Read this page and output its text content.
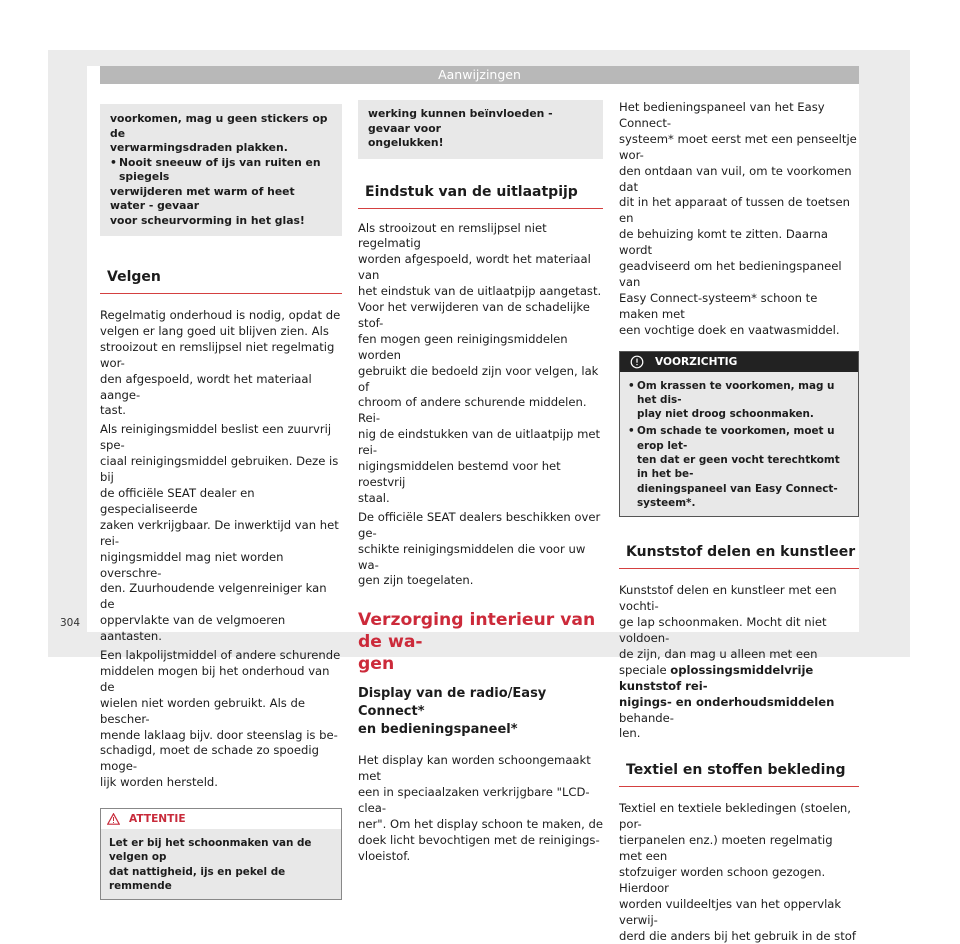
Aanwijzingen
voorkomen, mag u geen stickers op de
verwarmingsdraden plakken.
• Nooit sneeuw of ijs van ruiten en spiegels
verwijderen met warm of heet water - gevaar
voor scheurvorming in het glas!
Velgen

Regelmatig onderhoud is nodig, opdat de

velgen er lang goed uit blijven zien. Als

strooizout en remslijpsel niet regelmatig wor-

den afgespoeld, wordt het materiaal aange-

tast.

Als reinigingsmiddel beslist een zuurvrij spe-

ciaal reinigingsmiddel gebruiken. Deze is bij

de officiële SEAT dealer en gespecialiseerde

zaken verkrijgbaar. De inwerktijd van het rei-

nigingsmiddel mag niet worden overschre-

den. Zuurhoudende velgenreiniger kan de

oppervlakte van de velgmoeren aantasten.

Een lakpolijstmiddel of andere schurende

middelen mogen bij het onderhoud van de

wielen niet worden gebruikt. Als de bescher-

mende laklaag bijv. door steenslag is be-

schadigd, moet de schade zo spoedig moge-

lijk worden hersteld.

ATTENTIE
Let er bij het schoonmaken van de velgen op
dat nattigheid, ijs en pekel de remmende
werking kunnen beïnvloeden - gevaar voor
ongelukken!
Eindstuk van de uitlaatpijp

Als strooizout en remslijpsel niet regelmatig

worden afgespoeld, wordt het materiaal van

het eindstuk van de uitlaatpijp aangetast.

Voor het verwijderen van de schadelijke stof-

fen mogen geen reinigingsmiddelen worden

gebruikt die bedoeld zijn voor velgen, lak of

chroom of andere schurende middelen. Rei-

nig de eindstukken van de uitlaatpijp met rei-

nigingsmiddelen bestemd voor het roestvrij

staal.

De officiële SEAT dealers beschikken over ge-

schikte reinigingsmiddelen die voor uw wa-

gen zijn toegelaten.

Verzorging interieur van de wa-
gen
Display van de radio/Easy Connect*
en bedieningspaneel*

Het display kan worden schoongemaakt met

een in speciaalzaken verkrijgbare "LCD-clea-

ner". Om het display schoon te maken, de

doek licht bevochtigen met de reinigings-

vloeistof.

Het bedieningspaneel van het Easy Connect-

systeem* moet eerst met een penseeltje wor-

den ontdaan van vuil, om te voorkomen dat

dit in het apparaat of tussen de toetsen en

de behuizing komt te zitten. Daarna wordt

geadviseerd om het bedieningspaneel van

Easy Connect-systeem* schoon te maken met

een vochtige doek en vaatwasmiddel.

VOORZICHTIG
• Om krassen te voorkomen, mag u het dis-
play niet droog schoonmaken.
• Om schade te voorkomen, moet u erop let-
ten dat er geen vocht terechtkomt in het be-
dieningspaneel van Easy Connect-systeem*.
Kunststof delen en kunstleer

Kunststof delen en kunstleer met een vochti-

ge lap schoonmaken. Mocht dit niet voldoen-

de zijn, dan mag u alleen met een

speciale oplossingsmiddelvrije kunststof rei-

nigings- en onderhoudsmiddelen behande-

len.

Textiel en stoffen bekleding

Textiel en textiele bekledingen (stoelen, por-

tierpanelen enz.) moeten regelmatig met een

stofzuiger worden schoon gezogen. Hierdoor

worden vuildeeltjes van het oppervlak verwij-

derd die anders bij het gebruik in de stof

304
